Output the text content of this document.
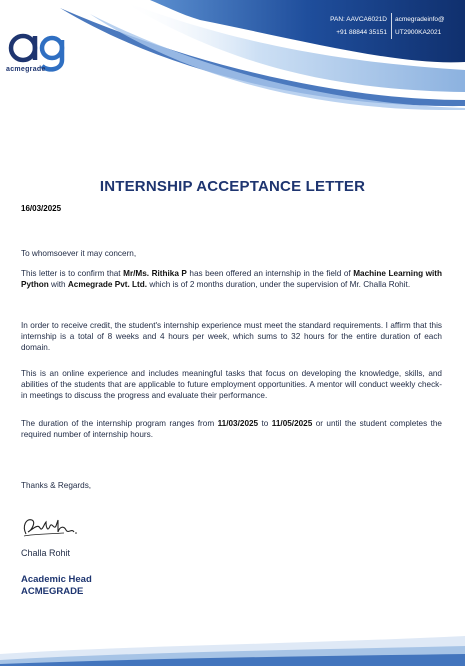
acmegrade
PAN: AAVCA6021D
+91 88844 35151
acmegradeinfo@
UT2900KA2021
INTERNSHIP ACCEPTANCE LETTER
16/03/2025
To whomsoever it may concern,
This letter is to confirm that Mr/Ms. Rithika P has been offered an internship in the field of Machine Learning with Python with Acmegrade Pvt. Ltd. which is of 2 months duration, under the supervision of Mr. Challa Rohit.
In order to receive credit, the student's internship experience must meet the standard requirements. I affirm that this internship is a total of 8 weeks and 4 hours per week, which sums to 32 hours for the entire duration of each domain.
This is an online experience and includes meaningful tasks that focus on developing the knowledge, skills, and abilities of the students that are applicable to future employment opportunities. A mentor will conduct weekly check-in meetings to discuss the progress and evaluate their performance.
The duration of the internship program ranges from 11/03/2025 to 11/05/2025 or until the student completes the required number of internship hours.
Thanks & Regards,
Challa Rohit
Academic Head
ACMEGRADE
